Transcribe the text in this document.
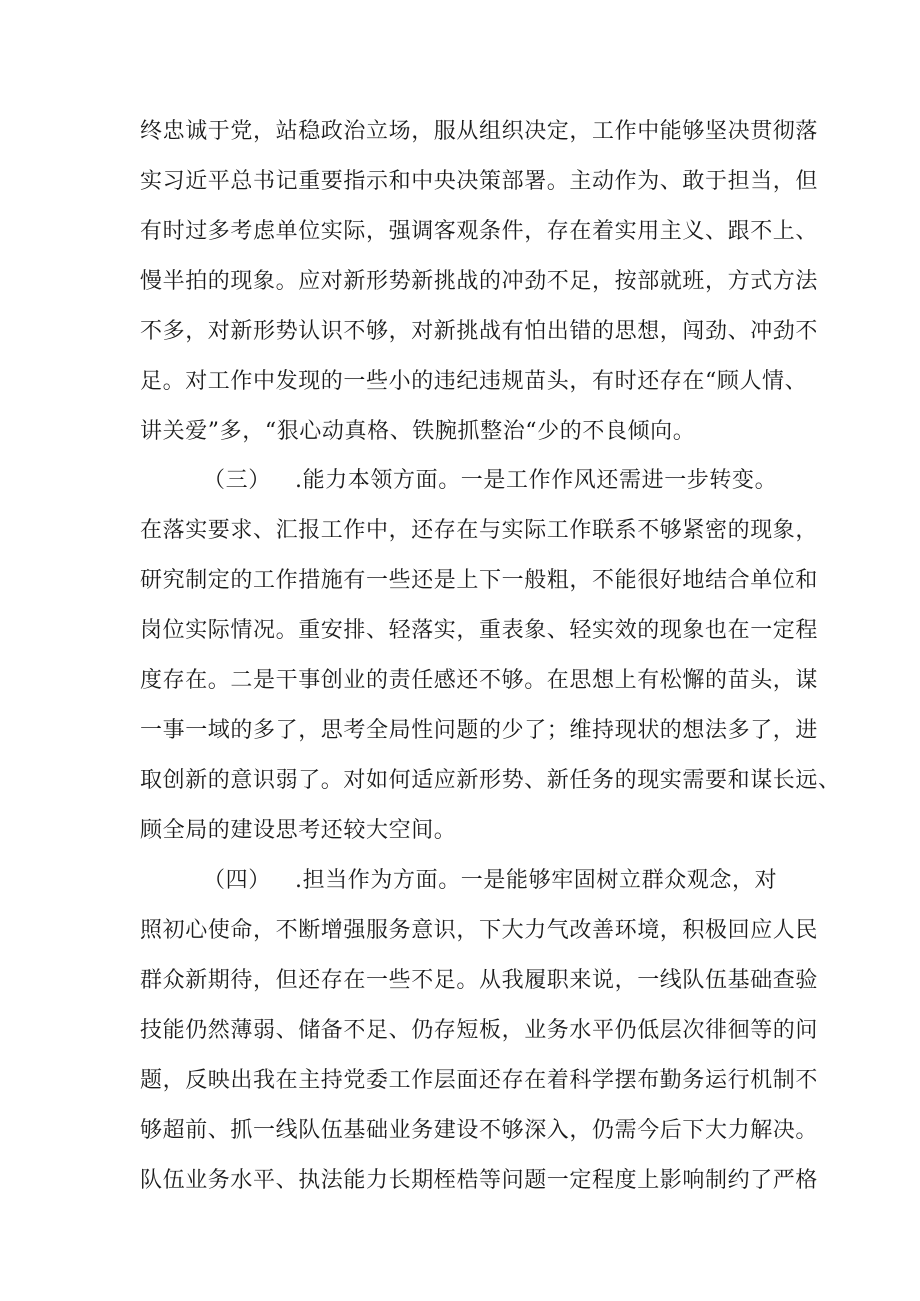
终忠诚于党，站稳政治立场，服从组织决定，工作中能够坚决贯彻落
实习近平总书记重要指示和中央决策部署。主动作为、敢于担当，但
有时过多考虑单位实际，强调客观条件，存在着实用主义、跟不上、
慢半拍的现象。应对新形势新挑战的冲劲不足，按部就班，方式方法
不多，对新形势认识不够，对新挑战有怕出错的思想，闯劲、冲劲不
足。对工作中发现的一些小的违纪违规苗头，有时还存在“顾人情、
讲关爱”多，“狠心动真格、铁腕抓整治“少的不良倾向。
（三） .能力本领方面。一是工作作风还需进一步转变。
在落实要求、汇报工作中，还存在与实际工作联系不够紧密的现象，
研究制定的工作措施有一些还是上下一般粗，不能很好地结合单位和
岗位实际情况。重安排、轻落实，重表象、轻实效的现象也在一定程
度存在。二是干事创业的责任感还不够。在思想上有松懈的苗头，谋
一事一域的多了，思考全局性问题的少了；维持现状的想法多了，进
取创新的意识弱了。对如何适应新形势、新任务的现实需要和谋长远、
顾全局的建设思考还较大空间。
（四） .担当作为方面。一是能够牢固树立群众观念，对
照初心使命，不断增强服务意识，下大力气改善环境，积极回应人民
群众新期待，但还存在一些不足。从我履职来说，一线队伍基础查验
技能仍然薄弱、储备不足、仍存短板，业务水平仍低层次徘徊等的问
题，反映出我在主持党委工作层面还存在着科学摆布勤务运行机制不
够超前、抓一线队伍基础业务建设不够深入，仍需今后下大力解决。
队伍业务水平、执法能力长期桎梏等问题一定程度上影响制约了严格
